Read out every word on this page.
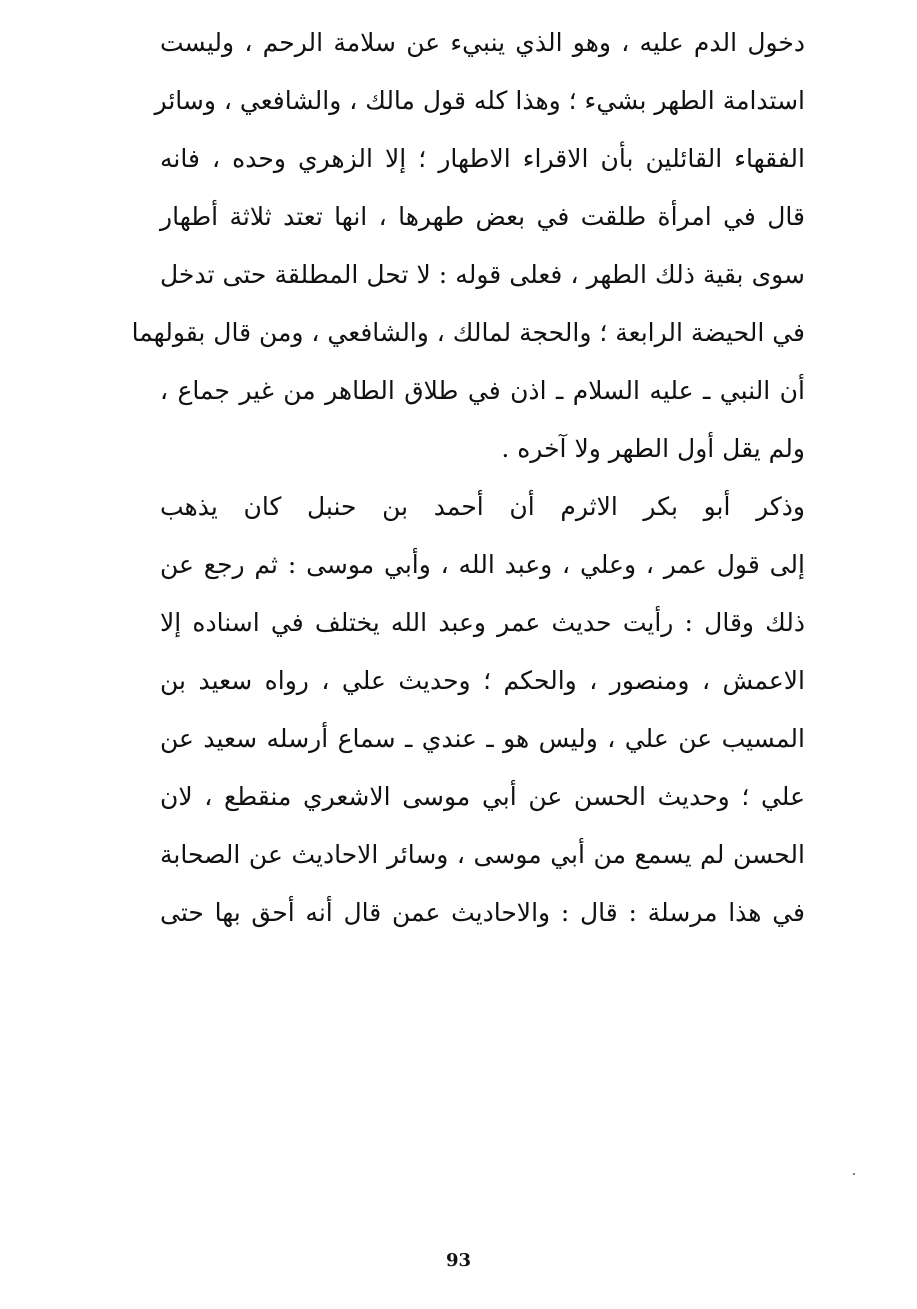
دخول الدم عليه ، وهو الذي ينبيء عن سلامة الرحم ، وليست
استدامة الطهر بشيء ؛ وهذا كله قول مالك ، والشافعي ، وسائر
الفقهاء القائلين بأن الاقراء الاطهار ؛ إلا الزهري وحده ، فانه
قال في امرأة طلقت في بعض طهرها ، انها تعتد ثلاثة أطهار
سوى بقية ذلك الطهر ، فعلى قوله : لا تحل المطلقة حتى تدخل
في الحيضة الرابعة ؛ والحجة لمالك ، والشافعي ، ومن قال بقولهما
أن النبي ـ عليه السلام ـ اذن في طلاق الطاهر من غير جماع ،
ولم يقل أول الطهر ولا آخره .
وذكر أبو بكر الاثرم أن أحمد بن حنبل كان يذهب
إلى قول عمر ، وعلي ، وعبد الله ، وأبي موسى : ثم رجع عن
ذلك وقال : رأيت حديث عمر وعبد الله يختلف في اسناده إلا
الاعمش ، ومنصور ، والحكم ؛ وحديث علي ، رواه سعيد بن
المسيب عن علي ، وليس هو ـ عندي ـ سماع أرسله سعيد عن
علي ؛ وحديث الحسن عن أبي موسى الاشعري منقطع ، لان
الحسن لم يسمع من أبي موسى ، وسائر الاحاديث عن الصحابة
في هذا مرسلة : قال : والاحاديث عمن قال أنه أحق بها حتى
93
